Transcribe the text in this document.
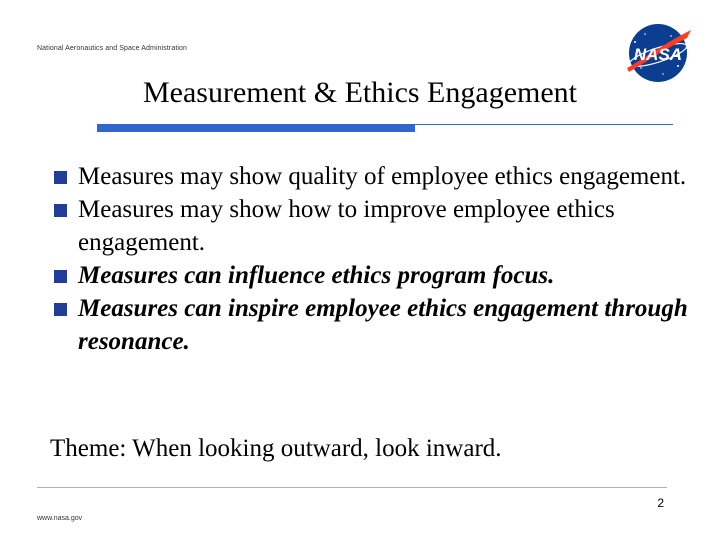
National Aeronautics and Space Administration	NASA
Measurement & Ethics Engagement
Measures may show quality of employee ethics engagement.
Measures may show how to improve employee ethics engagement.
Measures can influence ethics program focus.
Measures can inspire employee ethics engagement through resonance.
Theme: When looking outward, look inward.
2
www.nasa.gov
